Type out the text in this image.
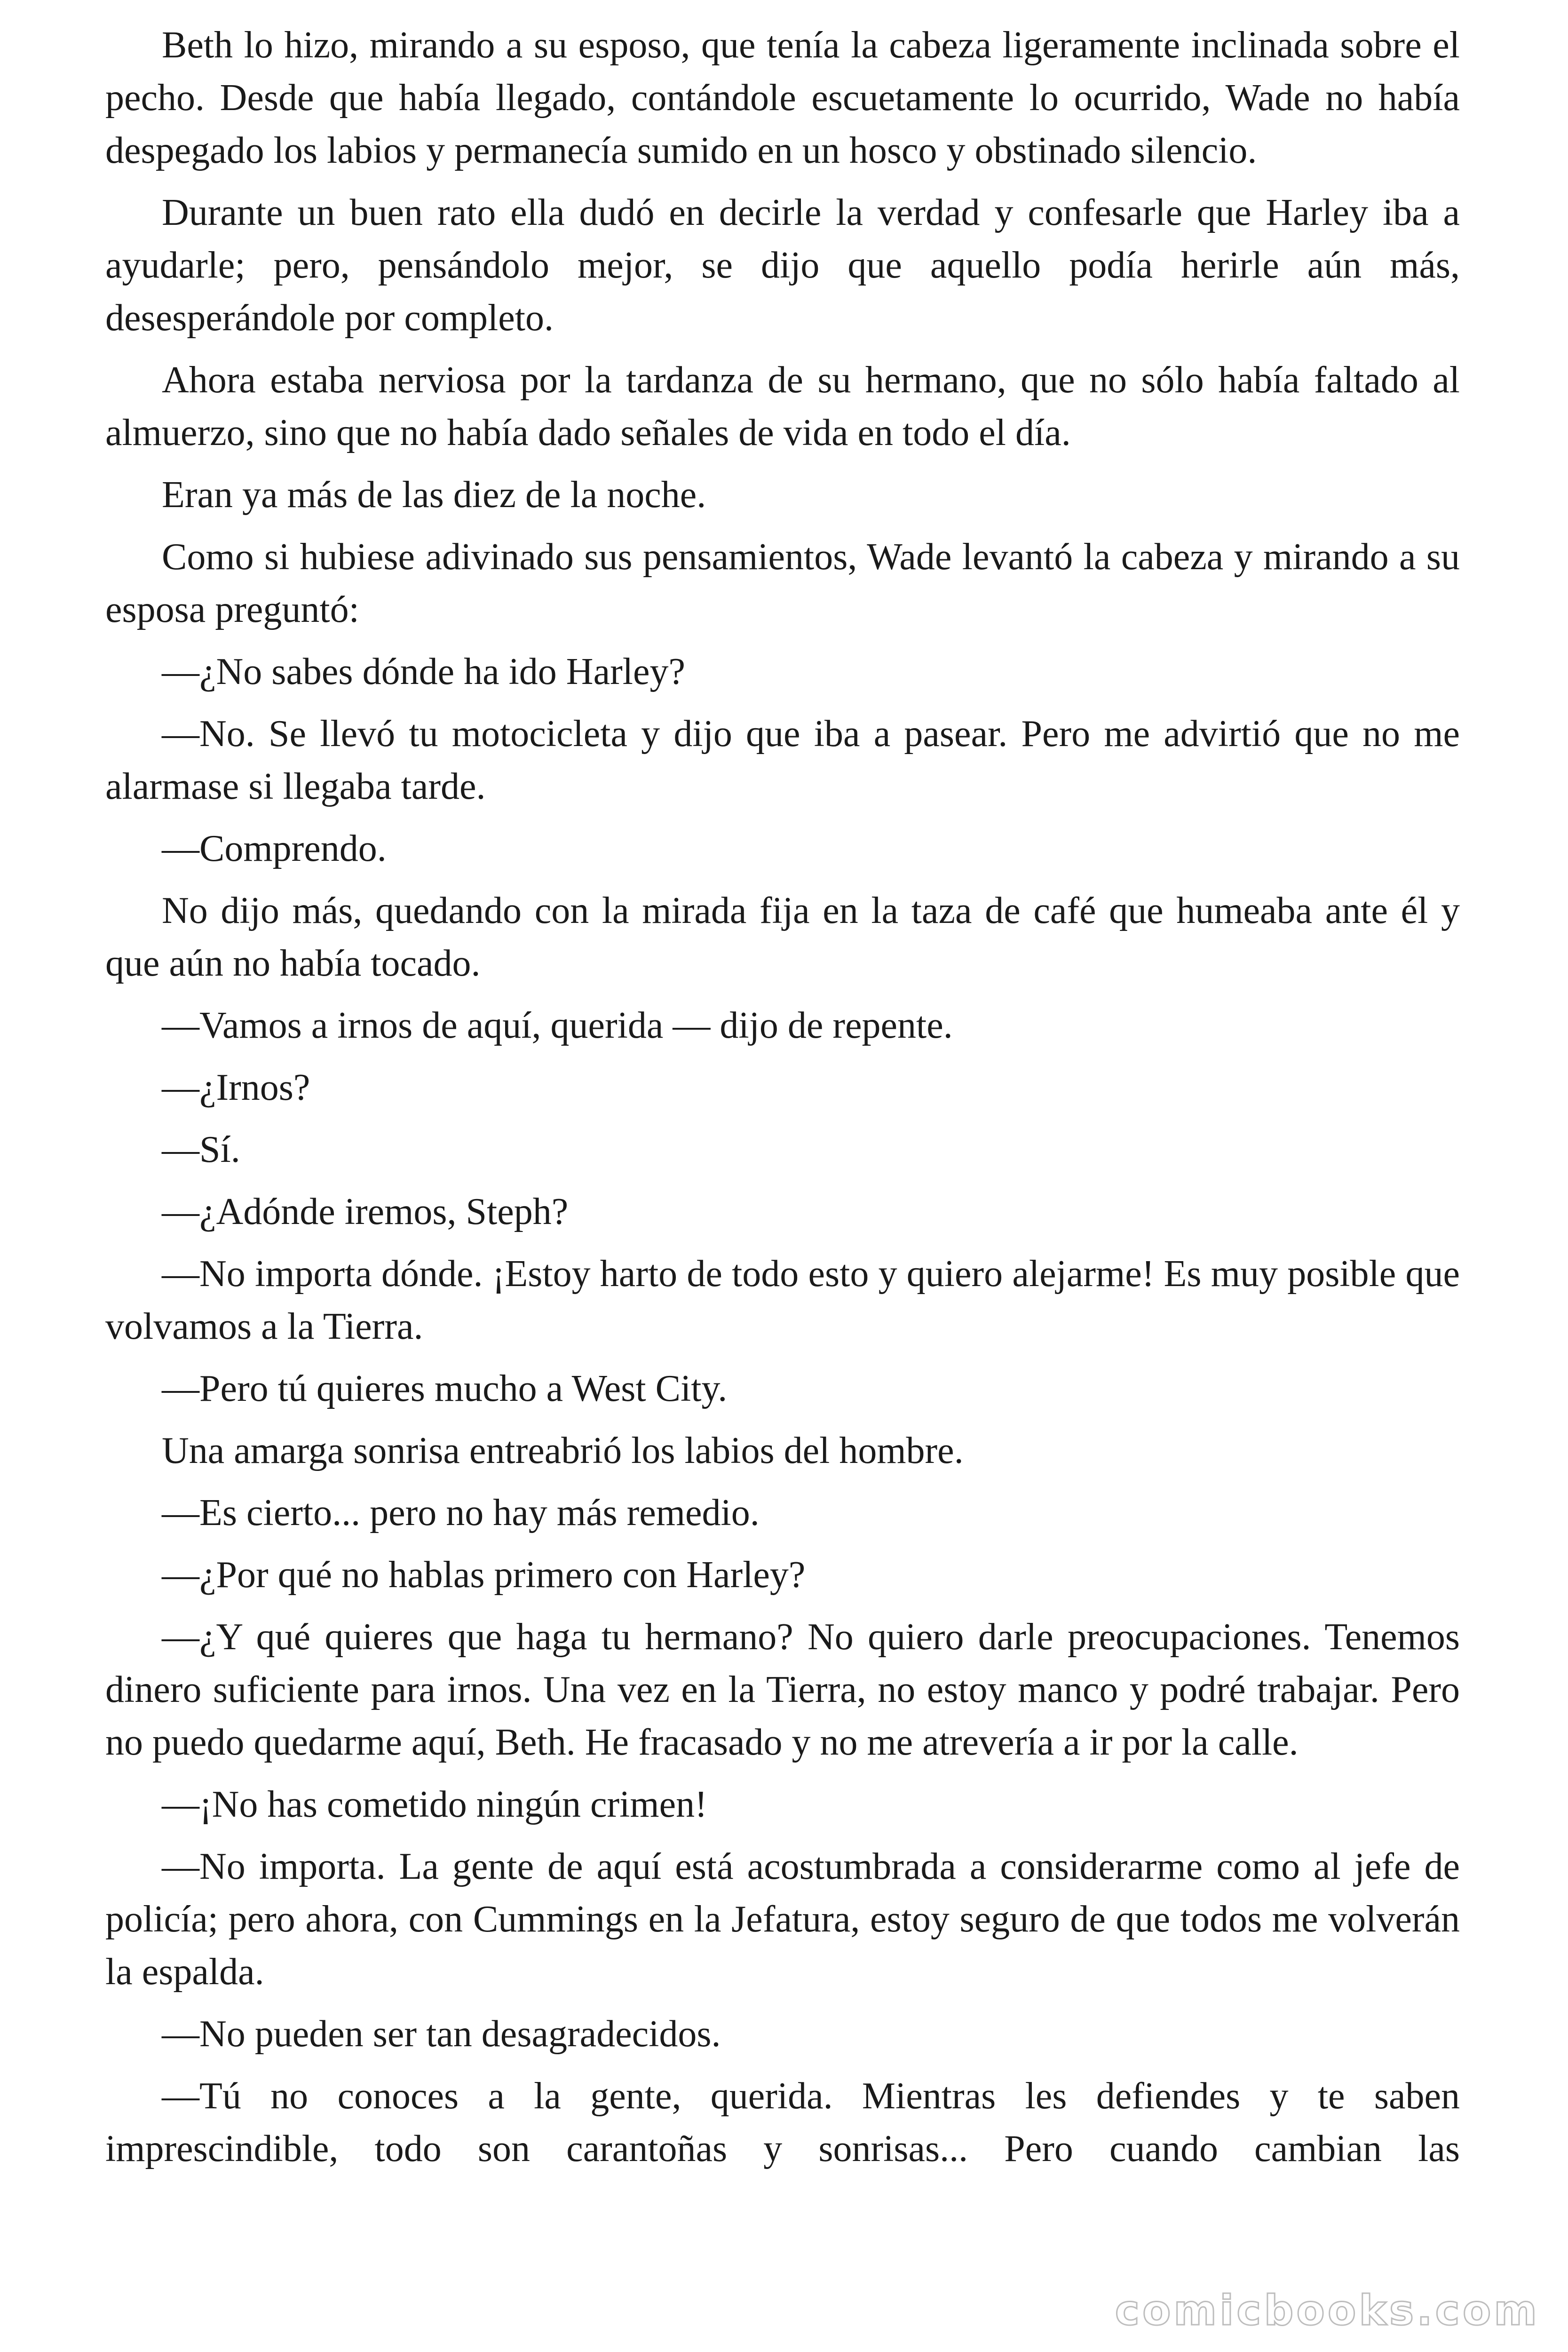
Beth lo hizo, mirando a su esposo, que tenía la cabeza ligeramente inclinada sobre el pecho. Desde que había llegado, contándole escuetamente lo ocurrido, Wade no había despegado los labios y permanecía sumido en un hosco y obstinado silencio.

Durante un buen rato ella dudó en decirle la verdad y confesarle que Harley iba a ayudarle; pero, pensándolo mejor, se dijo que aquello podía herirle aún más, desesperándole por completo.

Ahora estaba nerviosa por la tardanza de su hermano, que no sólo había faltado al almuerzo, sino que no había dado señales de vida en todo el día.

Eran ya más de las diez de la noche.

Como si hubiese adivinado sus pensamientos, Wade levantó la cabeza y mirando a su esposa preguntó:

—¿No sabes dónde ha ido Harley?

—No. Se llevó tu motocicleta y dijo que iba a pasear. Pero me advirtió que no me alarmase si llegaba tarde.

—Comprendo.

No dijo más, quedando con la mirada fija en la taza de café que humeaba ante él y que aún no había tocado.

—Vamos a irnos de aquí, querida — dijo de repente.

—¿Irnos?

—Sí.

—¿Adónde iremos, Steph?

—No importa dónde. ¡Estoy harto de todo esto y quiero alejarme! Es muy posible que volvamos a la Tierra.

—Pero tú quieres mucho a West City.

Una amarga sonrisa entreabrió los labios del hombre.

—Es cierto... pero no hay más remedio.

—¿Por qué no hablas primero con Harley?

—¿Y qué quieres que haga tu hermano? No quiero darle preocupaciones. Tenemos dinero suficiente para irnos. Una vez en la Tierra, no estoy manco y podré trabajar. Pero no puedo quedarme aquí, Beth. He fracasado y no me atrevería a ir por la calle.

—¡No has cometido ningún crimen!

—No importa. La gente de aquí está acostumbrada a considerarme como al jefe de policía; pero ahora, con Cummings en la Jefatura, estoy seguro de que todos me volverán la espalda.

—No pueden ser tan desagradecidos.

—Tú no conoces a la gente, querida. Mientras les defiendes y te saben imprescindible, todo son carantoñas y sonrisas... Pero cuando cambian las

comicbooks.com
